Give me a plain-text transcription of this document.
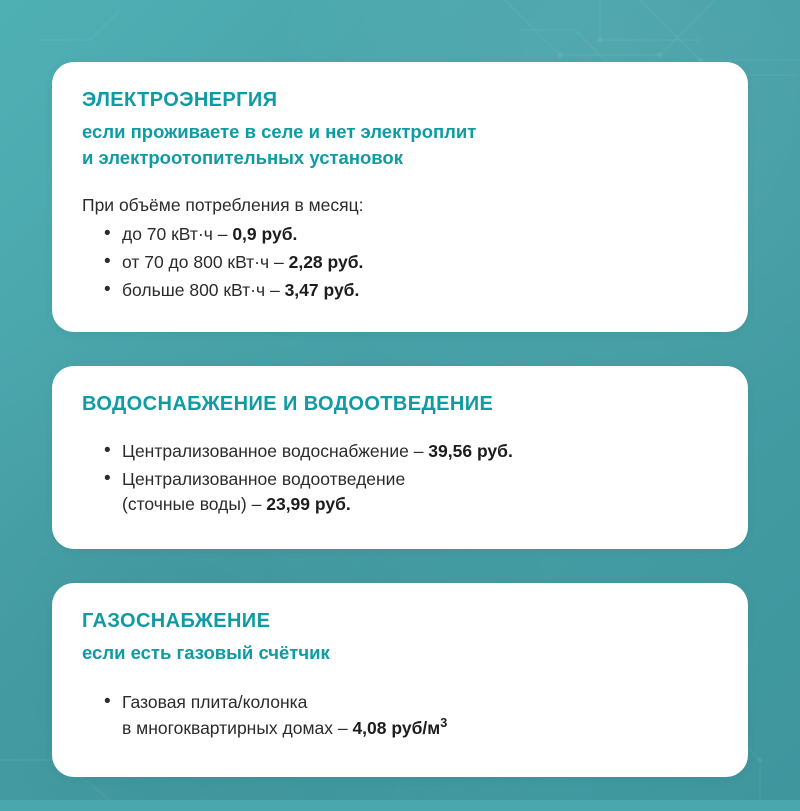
ЭЛЕКТРОЭНЕРГИЯ

если проживаете в селе и нет электроплит
и электроотопительных установок

При объёме потребления в месяц:

• до 70 кВт·ч – 0,9 руб.
• от 70 до 800 кВт·ч – 2,28 руб.
• больше 800 кВт·ч – 3,47 руб.
ВОДОСНАБЖЕНИЕ И ВОДООТВЕДЕНИЕ
• Централизованное водоснабжение – 39,56 руб.
• Централизованное водоотведение
(сточные воды) – 23,99 руб.
ГАЗОСНАБЖЕНИЕ

если есть газовый счётчик

• Газовая плита/колонка
в многоквартирных домах – 4,08 руб/$м^3$
